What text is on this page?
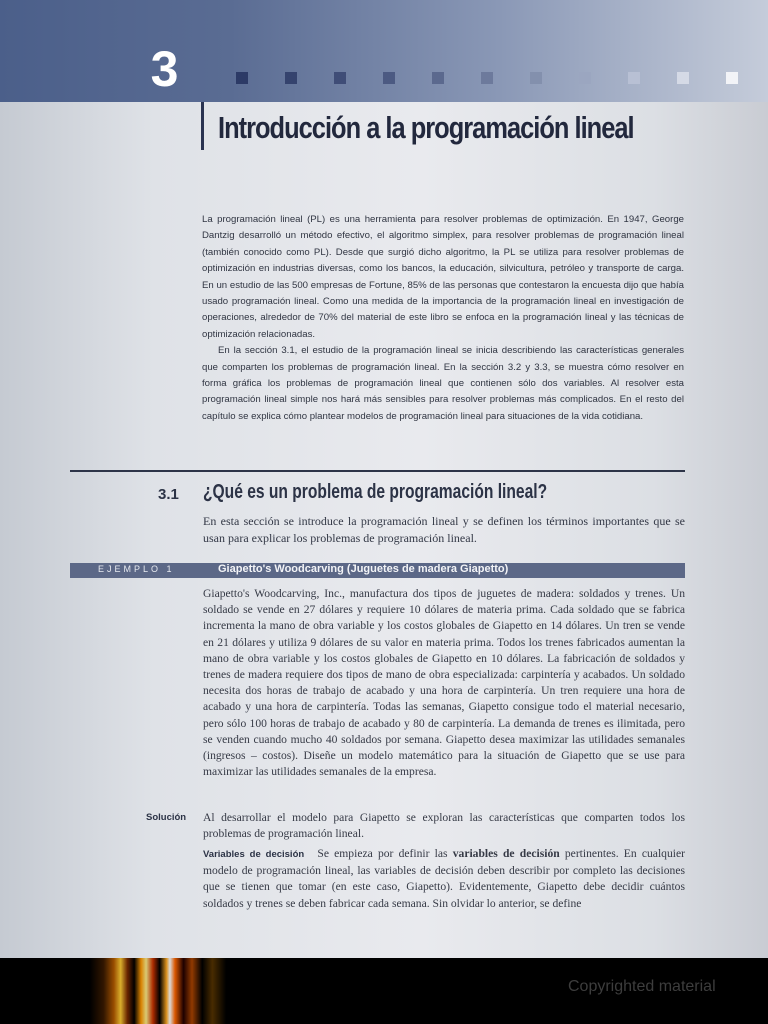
3
Introducción a la programación lineal

La programación lineal (PL) es una herramienta para resolver problemas de optimización. En 1947, George Dantzig desarrolló un método efectivo, el algoritmo simplex, para resolver problemas de programación lineal (también conocido como PL). Desde que surgió dicho algoritmo, la PL se utiliza para resolver problemas de optimización en industrias diversas, como los bancos, la educación, silvicultura, petróleo y transporte de carga. En un estudio de las 500 empresas de Fortune, 85% de las personas que contestaron la encuesta dijo que había usado programación lineal. Como una medida de la importancia de la programación lineal en investigación de operaciones, alrededor de 70% del material de este libro se enfoca en la programación lineal y las técnicas de optimización relacionadas.

En la sección 3.1, el estudio de la programación lineal se inicia describiendo las características generales que comparten los problemas de programación lineal. En la sección 3.2 y 3.3, se muestra cómo resolver en forma gráfica los problemas de programación lineal que contienen sólo dos variables. Al resolver esta programación lineal simple nos hará más sensibles para resolver problemas más complicados. En el resto del capítulo se explica cómo plantear modelos de programación lineal para situaciones de la vida cotidiana.

3.1 ¿Qué es un problema de programación lineal?

En esta sección se introduce la programación lineal y se definen los términos importantes que se usan para explicar los problemas de programación lineal.

EJEMPLO 1	Giapetto's Woodcarving (Juguetes de madera Giapetto)

Giapetto's Woodcarving, Inc., manufactura dos tipos de juguetes de madera: soldados y trenes. Un soldado se vende en 27 dólares y requiere 10 dólares de materia prima. Cada soldado que se fabrica incrementa la mano de obra variable y los costos globales de Giapetto en 14 dólares. Un tren se vende en 21 dólares y utiliza 9 dólares de su valor en materia prima. Todos los trenes fabricados aumentan la mano de obra variable y los costos globales de Giapetto en 10 dólares. La fabricación de soldados y trenes de madera requiere dos tipos de mano de obra especializada: carpintería y acabados. Un soldado necesita dos horas de trabajo de acabado y una hora de carpintería. Un tren requiere una hora de acabado y una hora de carpintería. Todas las semanas, Giapetto consigue todo el material necesario, pero sólo 100 horas de trabajo de acabado y 80 de carpintería. La demanda de trenes es ilimitada, pero se venden cuando mucho 40 soldados por semana. Giapetto desea maximizar las utilidades semanales (ingresos – costos). Diseñe un modelo matemático para la situación de Giapetto que se use para maximizar las utilidades semanales de la empresa.

Solución Al desarrollar el modelo para Giapetto se exploran las características que comparten todos los problemas de programación lineal.

Variables de decisión Se empieza por definir las variables de decisión pertinentes. En cualquier modelo de programación lineal, las variables de decisión deben describir por completo las decisiones que se tienen que tomar (en este caso, Giapetto). Evidentemente, Giapetto debe decidir cuántos soldados y trenes se deben fabricar cada semana. Sin olvidar lo anterior, se define

Copyrighted material
